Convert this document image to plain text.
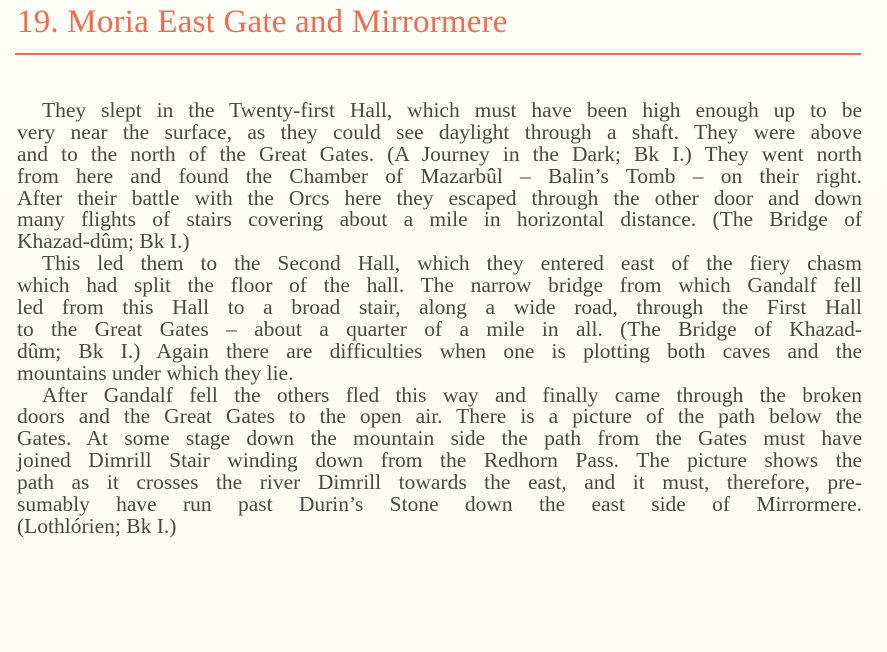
19. Moria East Gate and Mirrormere
They slept in the Twenty-first Hall, which must have been high enough up to be
very near the surface, as they could see daylight through a shaft. They were above
and to the north of the Great Gates. (A Journey in the Dark; Bk I.) They went north
from here and found the Chamber of Mazarbûl – Balin’s Tomb – on their right.
After their battle with the Orcs here they escaped through the other door and down
many flights of stairs covering about a mile in horizontal distance. (The Bridge of
Khazad-dûm; Bk I.)
This led them to the Second Hall, which they entered east of the fiery chasm
which had split the floor of the hall. The narrow bridge from which Gandalf fell
led from this Hall to a broad stair, along a wide road, through the First Hall
to the Great Gates – about a quarter of a mile in all. (The Bridge of Khazad-
dûm; Bk I.) Again there are difficulties when one is plotting both caves and the
mountains under which they lie.
After Gandalf fell the others fled this way and finally came through the broken
doors and the Great Gates to the open air. There is a picture of the path below the
Gates. At some stage down the mountain side the path from the Gates must have
joined Dimrill Stair winding down from the Redhorn Pass. The picture shows the
path as it crosses the river Dimrill towards the east, and it must, therefore, pre-
sumably have run past Durin’s Stone down the east side of Mirrormere.
(Lothlórien; Bk I.)
